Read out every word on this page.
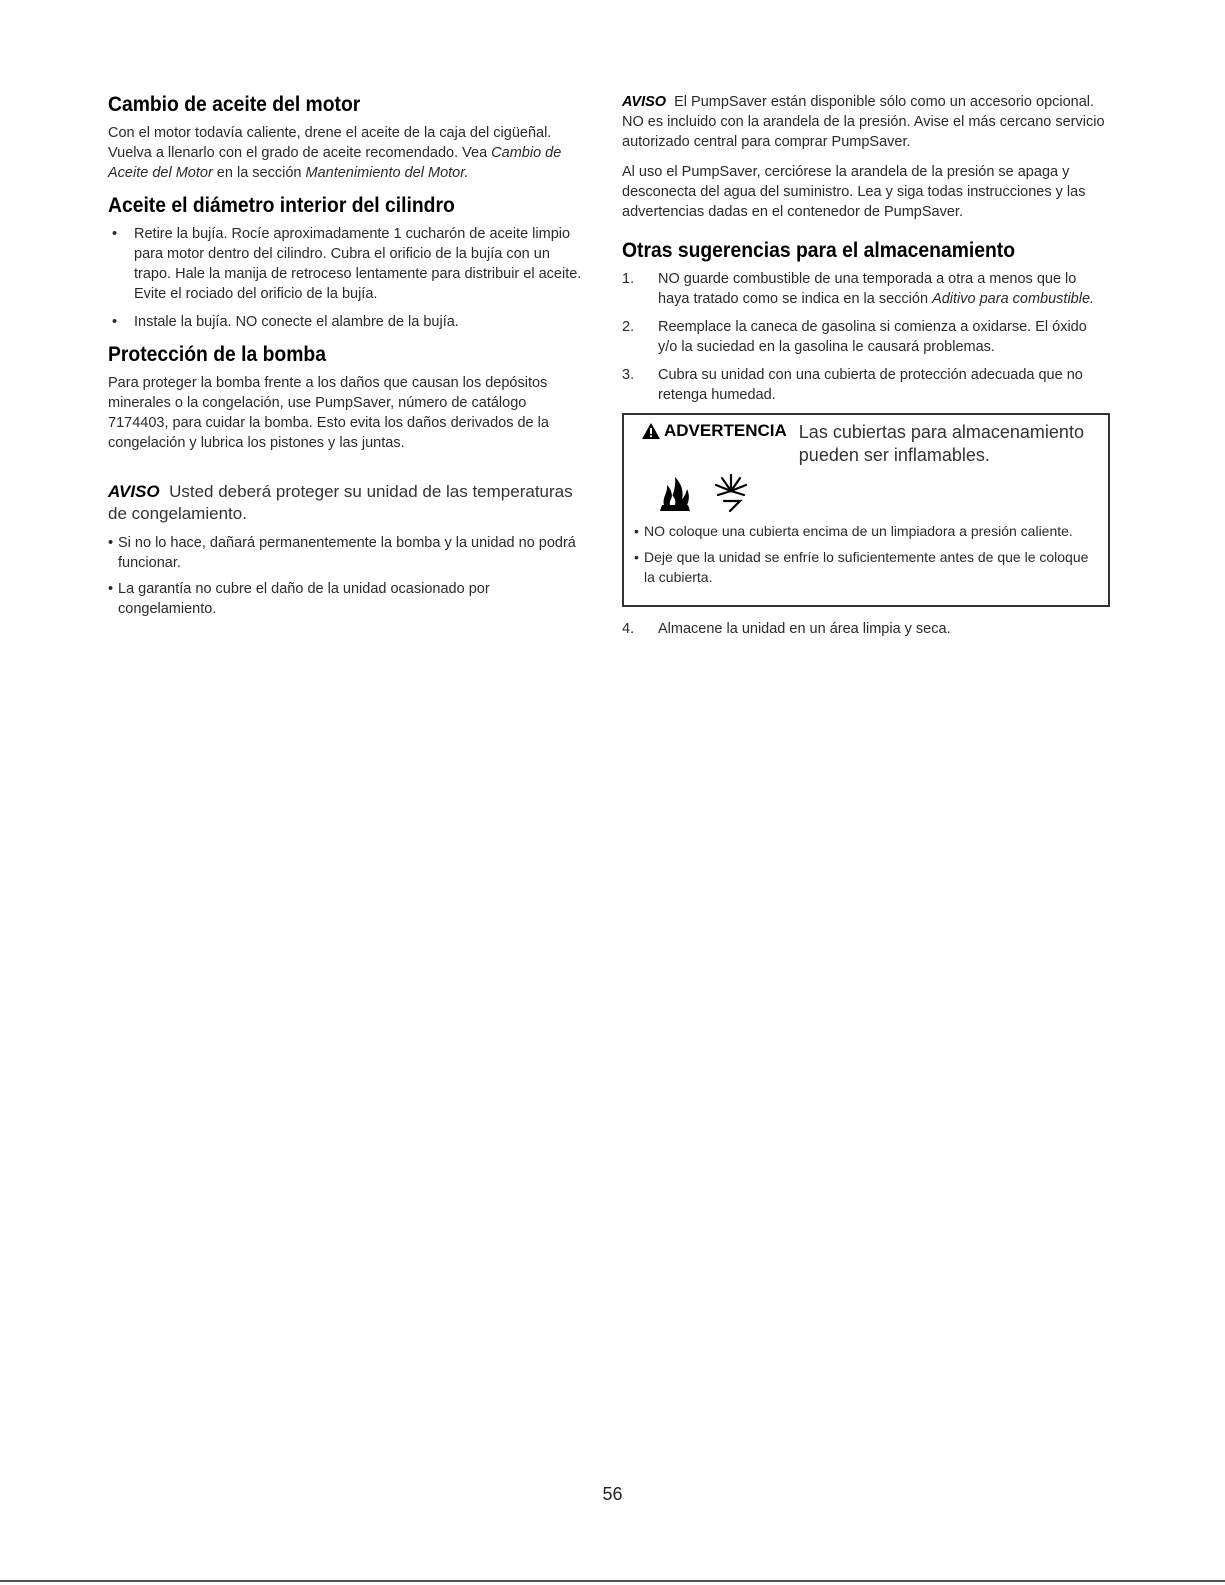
Cambio de aceite del motor

Con el motor todavía caliente, drene el aceite de la caja del cigüeñal. Vuelva a llenarlo con el grado de aceite recomendado. Vea Cambio de Aceite del Motor en la sección Mantenimiento del Motor.

Aceite el diámetro interior del cilindro
• Retire la bujía. Rocíe aproximadamente 1 cucharón de aceite limpio para motor dentro del cilindro. Cubra el orificio de la bujía con un trapo. Hale la manija de retroceso lentamente para distribuir el aceite. Evite el rociado del orificio de la bujía.
• Instale la bujía. NO conecte el alambre de la bujía.
Protección de la bomba

Para proteger la bomba frente a los daños que causan los depósitos minerales o la congelación, use PumpSaver, número de catálogo 7174403, para cuidar la bomba. Esto evita los daños derivados de la congelación y lubrica los pistones y las juntas.

AVISO Usted deberá proteger su unidad de las temperaturas de congelamiento.

• Si no lo hace, dañará permanentemente la bomba y la unidad no podrá funcionar.
• La garantía no cubre el daño de la unidad ocasionado por congelamiento.

AVISO El PumpSaver están disponible sólo como un accesorio opcional. NO es incluido con la arandela de la presión. Avise el más cercano servicio autorizado central para comprar PumpSaver.

Al uso el PumpSaver, cerciórese la arandela de la presión se apaga y desconecta del agua del suministro. Lea y siga todas instrucciones y las advertencias dadas en el contenedor de PumpSaver.

Otras sugerencias para el almacenamiento
1. NO guarde combustible de una temporada a otra a menos que lo haya tratado como se indica en la sección Aditivo para combustible.
2. Reemplace la caneca de gasolina si comienza a oxidarse. El óxido y/o la suciedad en la gasolina le causará problemas.
3. Cubra su unidad con una cubierta de protección adecuada que no retenga humedad.
ADVERTENCIA Las cubiertas para almacenamiento
pueden ser inflamables.
• NO coloque una cubierta encima de un limpiadora a presión caliente.
• Deje que la unidad se enfríe lo suficientemente antes de que le coloque la cubierta.
4. Almacene la unidad en un área limpia y seca.
56
